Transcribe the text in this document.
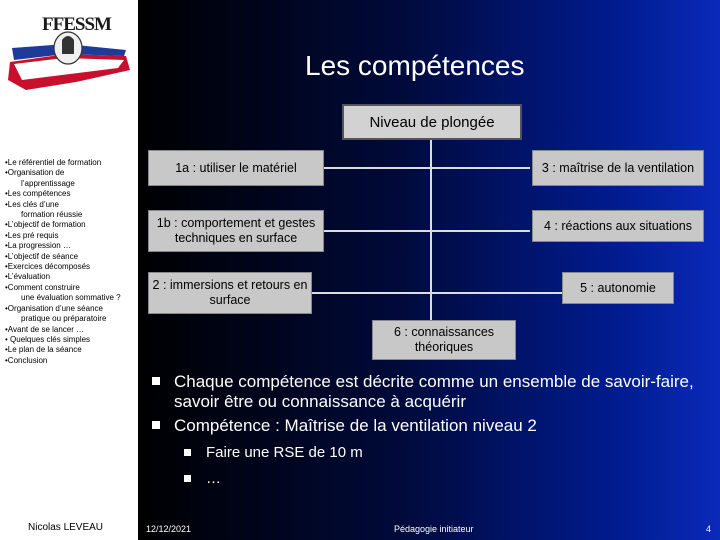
FFESSM
•Le référentiel de formation
•Organisation de
l’apprentissage
•Les compétences
•Les clés d’une
formation réussie
•L’objectif de formation
•Les pré requis
•La progression …
•L’objectif de séance
•Exercices décomposés
•L’évaluation
•Comment construire
une évaluation sommative ?
•Organisation d’une séance
pratique ou préparatoire
•Avant de se lancer …
• Quelques clés simples
•Le plan de la séance
•Conclusion
Nicolas LEVEAU
Les compétences
Niveau de plongée
1a : utiliser le matériel
1b : comportement et gestes techniques en surface
2 : immersions et retours en surface
3 : maîtrise de la ventilation
4 : réactions aux situations
5 : autonomie
6 : connaissances théoriques
Chaque compétence est décrite comme un ensemble de savoir-faire, savoir être ou connaissance à acquérir
Compétence : Maîtrise de la ventilation niveau 2
Faire une RSE de 10 m
…
12/12/2021	Pédagogie initiateur	4
